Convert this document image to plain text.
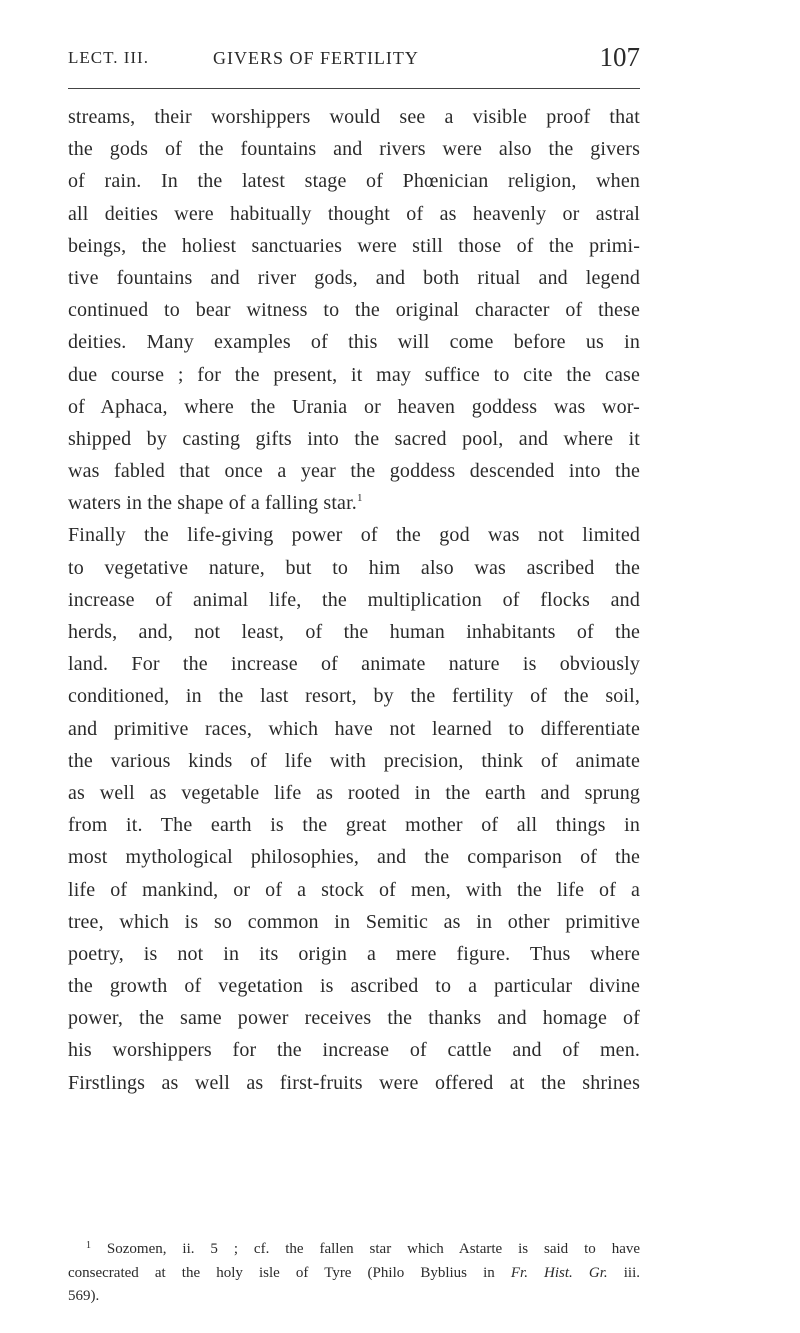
LECT. III.	GIVERS OF FERTILITY	107
streams, their worshippers would see a visible proof that
the gods of the fountains and rivers were also the givers
of rain. In the latest stage of Phœnician religion, when
all deities were habitually thought of as heavenly or astral
beings, the holiest sanctuaries were still those of the primi-
tive fountains and river gods, and both ritual and legend
continued to bear witness to the original character of these
deities. Many examples of this will come before us in
due course ; for the present, it may suffice to cite the case
of Aphaca, where the Urania or heaven goddess was wor-
shipped by casting gifts into the sacred pool, and where it
was fabled that once a year the goddess descended into the
waters in the shape of a falling star.$^1$
Finally the life-giving power of the god was not limited
to vegetative nature, but to him also was ascribed the
increase of animal life, the multiplication of flocks and
herds, and, not least, of the human inhabitants of the
land. For the increase of animate nature is obviously
conditioned, in the last resort, by the fertility of the soil,
and primitive races, which have not learned to differentiate
the various kinds of life with precision, think of animate
as well as vegetable life as rooted in the earth and sprung
from it. The earth is the great mother of all things in
most mythological philosophies, and the comparison of the
life of mankind, or of a stock of men, with the life of a
tree, which is so common in Semitic as in other primitive
poetry, is not in its origin a mere figure. Thus where
the growth of vegetation is ascribed to a particular divine
power, the same power receives the thanks and homage of
his worshippers for the increase of cattle and of men.
Firstlings as well as first-fruits were offered at the shrines
$^1$ Sozomen, ii. 5 ; cf. the fallen star which Astarte is said to have
consecrated at the holy isle of Tyre (Philo Byblius in Fr. Hist. Gr. iii.
569).
